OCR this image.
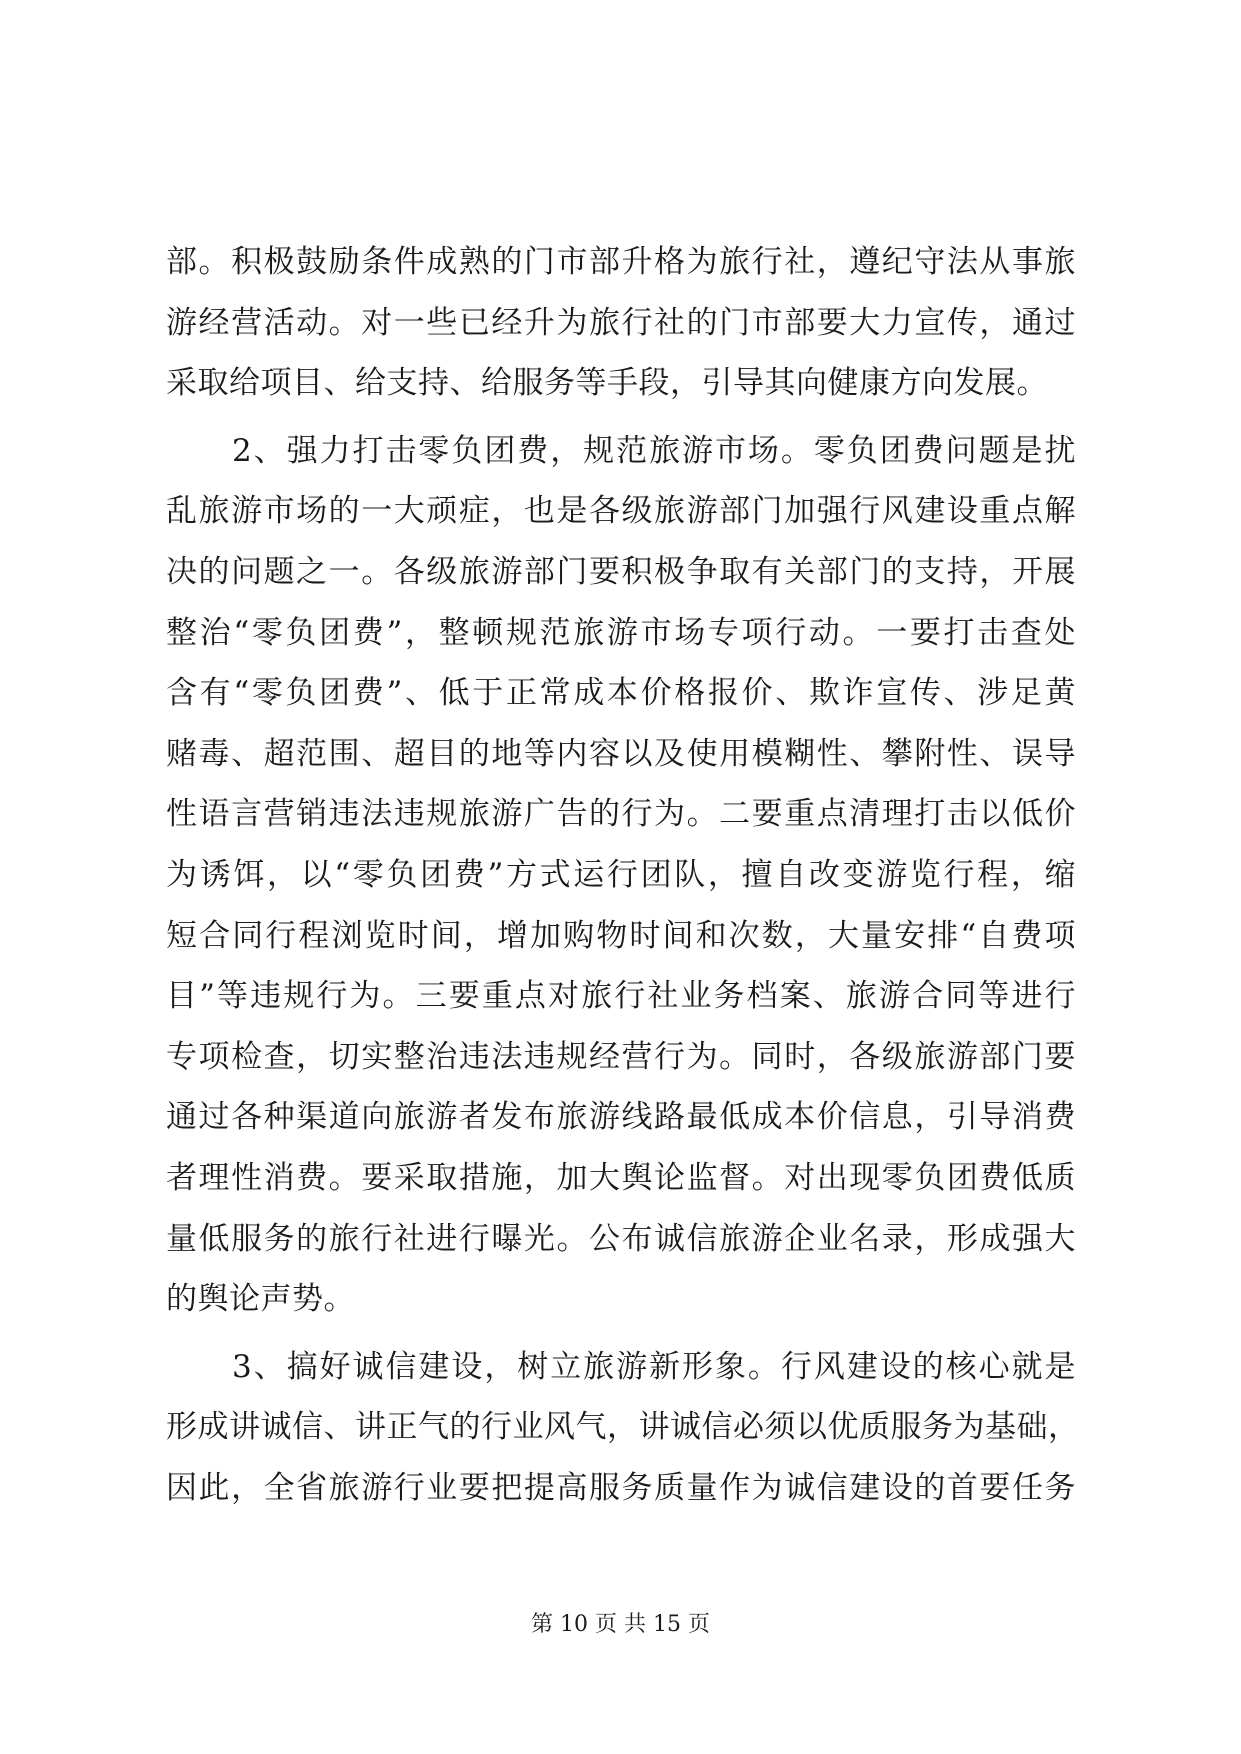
部。积极鼓励条件成熟的门市部升格为旅行社，遵纪守法从事旅
游经营活动。对一些已经升为旅行社的门市部要大力宣传，通过
采取给项目、给支持、给服务等手段，引导其向健康方向发展。
2、强力打击零负团费，规范旅游市场。零负团费问题是扰
乱旅游市场的一大顽症，也是各级旅游部门加强行风建设重点解
决的问题之一。各级旅游部门要积极争取有关部门的支持，开展
整治“零负团费”，整顿规范旅游市场专项行动。一要打击查处
含有“零负团费”、低于正常成本价格报价、欺诈宣传、涉足黄
赌毒、超范围、超目的地等内容以及使用模糊性、攀附性、误导
性语言营销违法违规旅游广告的行为。二要重点清理打击以低价
为诱饵，以“零负团费”方式运行团队，擅自改变游览行程，缩
短合同行程浏览时间，增加购物时间和次数，大量安排“自费项
目”等违规行为。三要重点对旅行社业务档案、旅游合同等进行
专项检查，切实整治违法违规经营行为。同时，各级旅游部门要
通过各种渠道向旅游者发布旅游线路最低成本价信息，引导消费
者理性消费。要采取措施，加大舆论监督。对出现零负团费低质
量低服务的旅行社进行曝光。公布诚信旅游企业名录，形成强大
的舆论声势。
3、搞好诚信建设，树立旅游新形象。行风建设的核心就是
形成讲诚信、讲正气的行业风气，讲诚信必须以优质服务为基础，
因此，全省旅游行业要把提高服务质量作为诚信建设的首要任务
第 10 页 共 15 页
